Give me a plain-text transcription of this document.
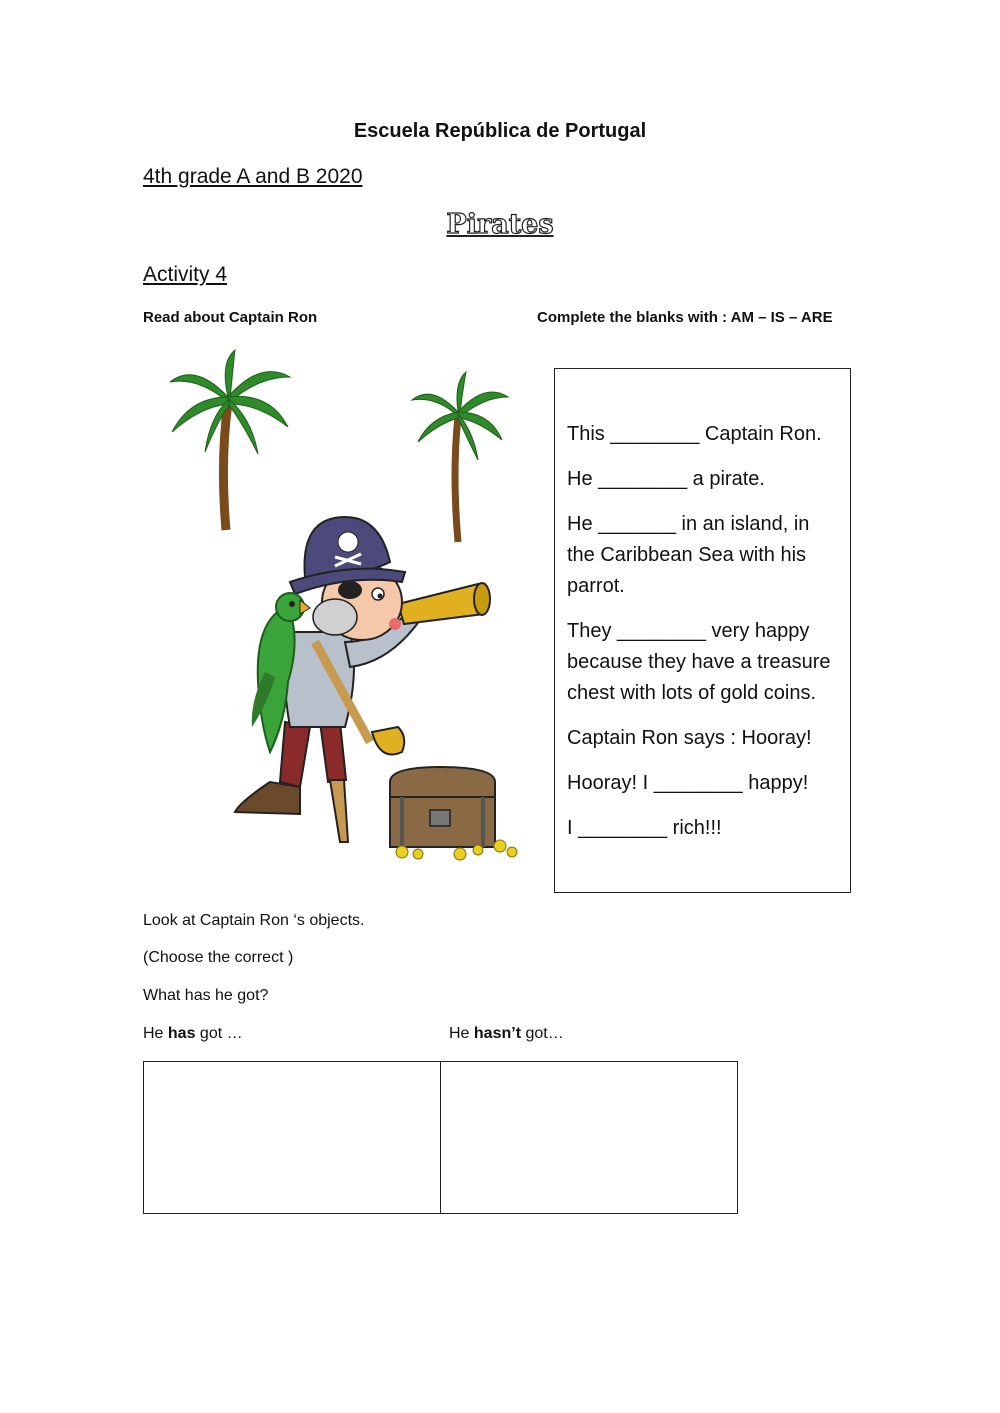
Escuela República de Portugal
4th grade A and B 2020
Pirates
Activity 4
Read about Captain Ron	Complete the blanks with : AM – IS – ARE

This ________ Captain Ron.

He ________ a pirate.

He _______ in an island, in the Caribbean Sea with his parrot.

They ________ very happy because they have a treasure chest with lots of gold coins.

Captain Ron says : Hooray!

Hooray! I ________ happy!

I ________ rich!!!

Look at Captain Ron ‘s objects.
(Choose the correct )
What has he got?
He has got …	He hasn’t got…
